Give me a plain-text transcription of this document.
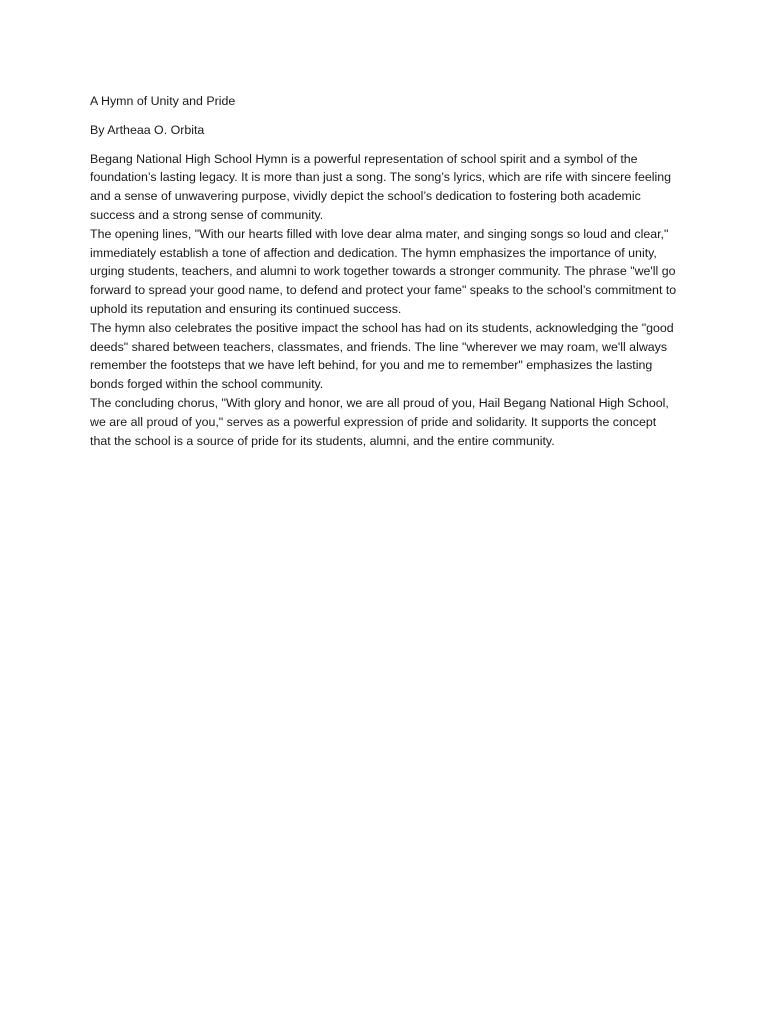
A Hymn of Unity and Pride

By Artheaa O. Orbita

Begang National High School Hymn is a powerful representation of school spirit and a symbol of the foundation’s lasting legacy. It is more than just a song. The song’s lyrics, which are rife with sincere feeling and a sense of unwavering purpose, vividly depict the school’s dedication to fostering both academic success and a strong sense of community.

The opening lines, "With our hearts filled with love dear alma mater, and singing songs so loud and clear," immediately establish a tone of affection and dedication. The hymn emphasizes the importance of unity, urging students, teachers, and alumni to work together towards a stronger community. The phrase "we'll go forward to spread your good name, to defend and protect your fame" speaks to the school’s commitment to uphold its reputation and ensuring its continued success.

The hymn also celebrates the positive impact the school has had on its students, acknowledging the "good deeds" shared between teachers, classmates, and friends. The line "wherever we may roam, we'll always remember the footsteps that we have left behind, for you and me to remember" emphasizes the lasting bonds forged within the school community.

The concluding chorus, "With glory and honor, we are all proud of you, Hail Begang National High School, we are all proud of you," serves as a powerful expression of pride and solidarity. It supports the concept that the school is a source of pride for its students, alumni, and the entire community.
